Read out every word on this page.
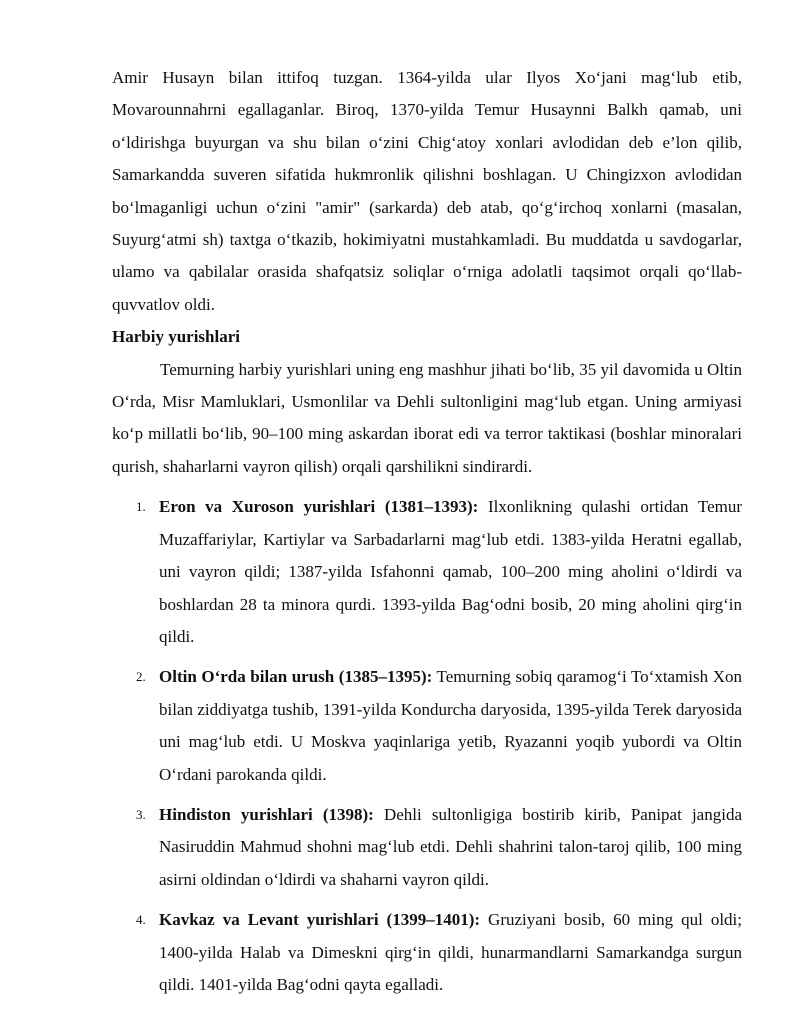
Amir Husayn bilan ittifoq tuzgan. 1364-yilda ular Ilyos Xo‘jani mag‘lub etib, Movarounnahrni egallaganlar. Biroq, 1370-yilda Temur Husaynni Balkh qamab, uni o‘ldirishga buyurgan va shu bilan o‘zini Chig‘atoy xonlari avlodidan deb e’lon qilib, Samarkandda suveren sifatida hukmronlik qilishni boshlagan. U Chingizxon avlodidan bo‘lmaganligi uchun o‘zini "amir" (sarkarda) deb atab, qo‘g‘irchoq xonlarni (masalan, Suyurg‘atmi sh) taxtga o‘tkazib, hokimiyatni mustahkamladi. Bu muddatda u savdogarlar, ulamo va qabilalar orasida shafqatsiz soliqlar o‘rniga adolatli taqsimot orqali qo‘llab-quvvatlov oldi.

Harbiy yurishlari

Temurning harbiy yurishlari uning eng mashhur jihati bo‘lib, 35 yil davomida u Oltin O‘rda, Misr Mamluklari, Usmonlilar va Dehli sultonligini mag‘lub etgan. Uning armiyasi ko‘p millatli bo‘lib, 90–100 ming askardan iborat edi va terror taktikasi (boshlar minoralari qurish, shaharlarni vayron qilish) orqali qarshilikni sindirardi.

1. Eron va Xuroson yurishlari (1381–1393): Ilxonlikning qulashi ortidan Temur Muzaffariylar, Kartiylar va Sarbadarlarni mag‘lub etdi. 1383-yilda Heratni egallab, uni vayron qildi; 1387-yilda Isfahonni qamab, 100–200 ming aholini o‘ldirdi va boshlardan 28 ta minora qurdi. 1393-yilda Bag‘odni bosib, 20 ming aholini qirg‘in qildi.
2. Oltin O‘rda bilan urush (1385–1395): Temurning sobiq qaramog‘i To‘xtamish Xon bilan ziddiyatga tushib, 1391-yilda Kondurcha daryosida, 1395-yilda Terek daryosida uni mag‘lub etdi. U Moskva yaqinlariga yetib, Ryazanni yoqib yubordi va Oltin O‘rdani parokanda qildi.
3. Hindiston yurishlari (1398): Dehli sultonligiga bostirib kirib, Panipat jangida Nasiruddin Mahmud shohni mag‘lub etdi. Dehli shahrini talon-taroj qilib, 100 ming asirni oldindan o‘ldirdi va shaharni vayron qildi.
4. Kavkaz va Levant yurishlari (1399–1401): Gruziyani bosib, 60 ming qul oldi; 1400-yilda Halab va Dimeskni qirg‘in qildi, hunarmandlarni Samarkandga surgun qildi. 1401-yilda Bag‘odni qayta egalladi.
